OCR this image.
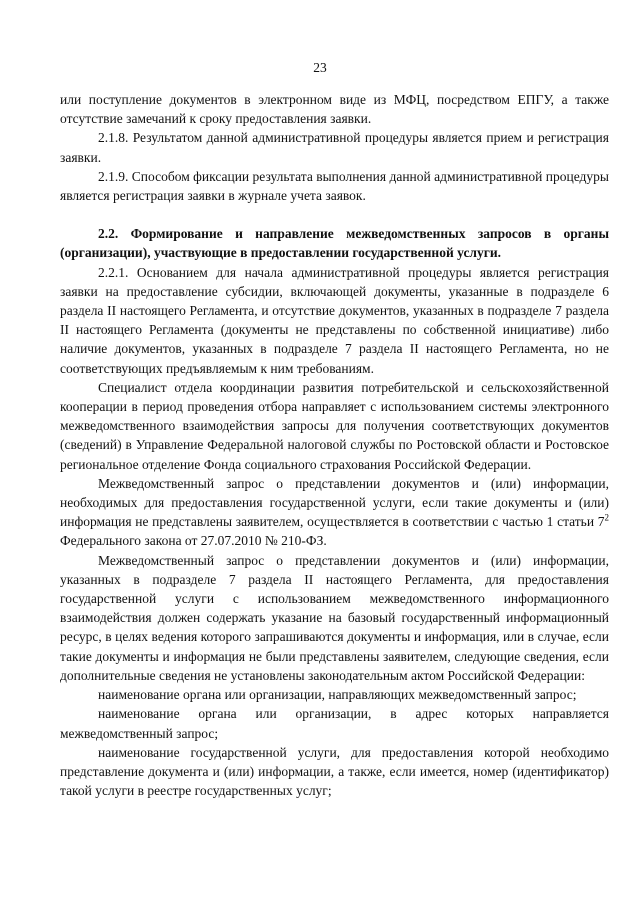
23

или поступление документов в электронном виде из МФЦ, посредством ЕПГУ, а также отсутствие замечаний к сроку предоставления заявки.

2.1.8. Результатом данной административной процедуры является прием и регистрация заявки.

2.1.9. Способом фиксации результата выполнения данной административной процедуры является регистрация заявки в журнале учета заявок.

2.2. Формирование и направление межведомственных запросов в органы (организации), участвующие в предоставлении государственной услуги.

2.2.1. Основанием для начала административной процедуры является регистрация заявки на предоставление субсидии, включающей документы, указанные в подразделе 6 раздела II настоящего Регламента, и отсутствие документов, указанных в подразделе 7 раздела II настоящего Регламента (документы не представлены по собственной инициативе) либо наличие документов, указанных в подразделе 7 раздела II настоящего Регламента, но не соответствующих предъявляемым к ним требованиям.

Специалист отдела координации развития потребительской и сельскохозяйственной кооперации в период проведения отбора направляет с использованием системы электронного межведомственного взаимодействия запросы для получения соответствующих документов (сведений) в Управление Федеральной налоговой службы по Ростовской области и Ростовское региональное отделение Фонда социального страхования Российской Федерации.

Межведомственный запрос о представлении документов и (или) информации, необходимых для предоставления государственной услуги, если такие документы и (или) информация не представлены заявителем, осуществляется в соответствии с частью 1 статьи $7^2$ Федерального закона от 27.07.2010 № 210-ФЗ.

Межведомственный запрос о представлении документов и (или) информации, указанных в подразделе 7 раздела II настоящего Регламента, для предоставления государственной услуги с использованием межведомственного информационного взаимодействия должен содержать указание на базовый государственный информационный ресурс, в целях ведения которого запрашиваются документы и информация, или в случае, если такие документы и информация не были представлены заявителем, следующие сведения, если дополнительные сведения не установлены законодательным актом Российской Федерации:

наименование органа или организации, направляющих межведомственный запрос;

наименование органа или организации, в адрес которых направляется межведомственный запрос;

наименование государственной услуги, для предоставления которой необходимо представление документа и (или) информации, а также, если имеется, номер (идентификатор) такой услуги в реестре государственных услуг;
